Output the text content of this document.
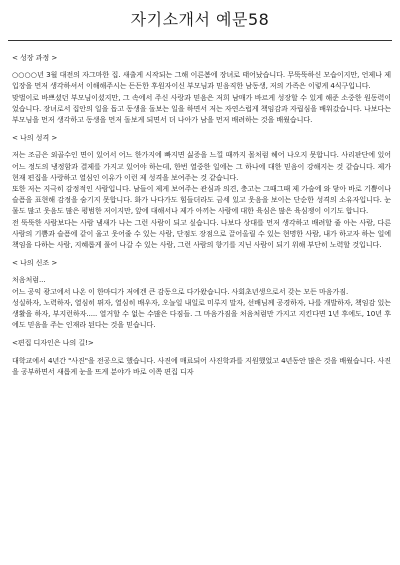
자기소개서 예문58
< 성장 과정 >
○○○○년 3월 대전의 자그마한 집. 새출게 시작되는 그해 이른봄에 장녀로 태어났습니다. 무뚝뚝하신 모습이지만, 언제나 제 입장을 먼저 생각하셔서 이해해주시는 든든한 후원자이신 부모님과 믿음직한 남동생, 저의 가족은 이렇게 4식구입니다.
맞벌이로 바쁘셨던 부모님이셨지만, 그 속에서 주신 사랑과 믿음은 저희 남매가 바르게 성장할 수 있게 해준 소중한 원동력이었습니다. 장녀로서 집안의 일을 돕고 동생을 돌보는 일을 하면서 저는 자연스럽게 책임감과 자립심을 배워갔습니다. 나보다는 부모님을 먼저 생각하고 동생을 먼저 돌보게 되면서 더 나아가 남을 먼저 배려하는 것을 배웠습니다.
< 나의 성격 >
저는 조금은 외골수인 면이 있어서 어느 한가지에 빠지면 싫증을 느낄 때까지 몰처럼 헤어 나오지 못합니다. 사리판단에 있어 어느 정도의 냉정함과 결제를 가지고 있어야 하는데, 한번 열중한 일에는 그 하나에 대한 믿음이 강해지는 것 같습니다. 제가 현재 편집을 사랑하고 열심인 이유가 이런 제 성격을 보여주는 것 같습니다.
또한 저는 지극히 감정적인 사람입니다. 남들이 제게 보여주는 관심과 의견, 충고는 그때그때 제 가슴에 와 닿아 바로 기쁨이나 슬픔을 표현해 감정을 숨기지 못합니다. 화가 나다가도 힘들더라도 금세 있고 웃음을 보이는 단순한 성격의 소유자입니다. 눈물도 많고 웃음도 많은 평범한 저이지만, 앞에 대해서나 제가 아끼는 사람에 대한 육심은 많은 육심쟁이 이기도 합니다.
전 뚝뚝한 사람보다는 사람 냄새가 나는 그런 사람이 되고 싶습니다. 나보다 상대를 먼저 생각하고 배려할 줄 아는 사람, 다른 사람의 기쁨과 슬픔에 같이 울고 웃어줄 수 있는 사람, 단점도 장점으로 끌어올릴 수 있는 현명한 사람, 내가 하고자 하는 일에 책임을 다하는 사람, 지혜롭게 풀어 나갈 수 있는 사람, 그런 사람의 향기를 지닌 사람이 되기 위해 부단히 노력할 것입니다.
< 나의 신조 >
처음처럼...
어느 공익 광고에서 나온 이 한마디가 저에겐 큰 감동으로 다가왔습니다. 사회초년생으로서 갖는 모든 마음가짐.
성실하자, 노력하자, 열심히 뛰자, 열심히 배우자, 오늘일 내일로 미루지 말자, 선배님께 공경하자, 나를 개발하자, 책임감 있는 생활을 하자, 부지런하자..... 열거할 수 없는 수많은 다짐들. 그 마음가짐을 처음처럼만 가지고 지킨다면 1년 후에도, 10년 후에도 믿음을 주는 인재라 된다는 것을 믿습니다.
<편집 디자인은 나의 길!>
대학교에서 4년간 "사진"을 전공으로 했습니다. 사진에 매료되어 사진학과를 지원했었고 4년동안 많은 것을 배웠습니다. 사진을 공부하면서 새롭게 눈을 뜨게 분야가 바로 이쪽 편집 디자
